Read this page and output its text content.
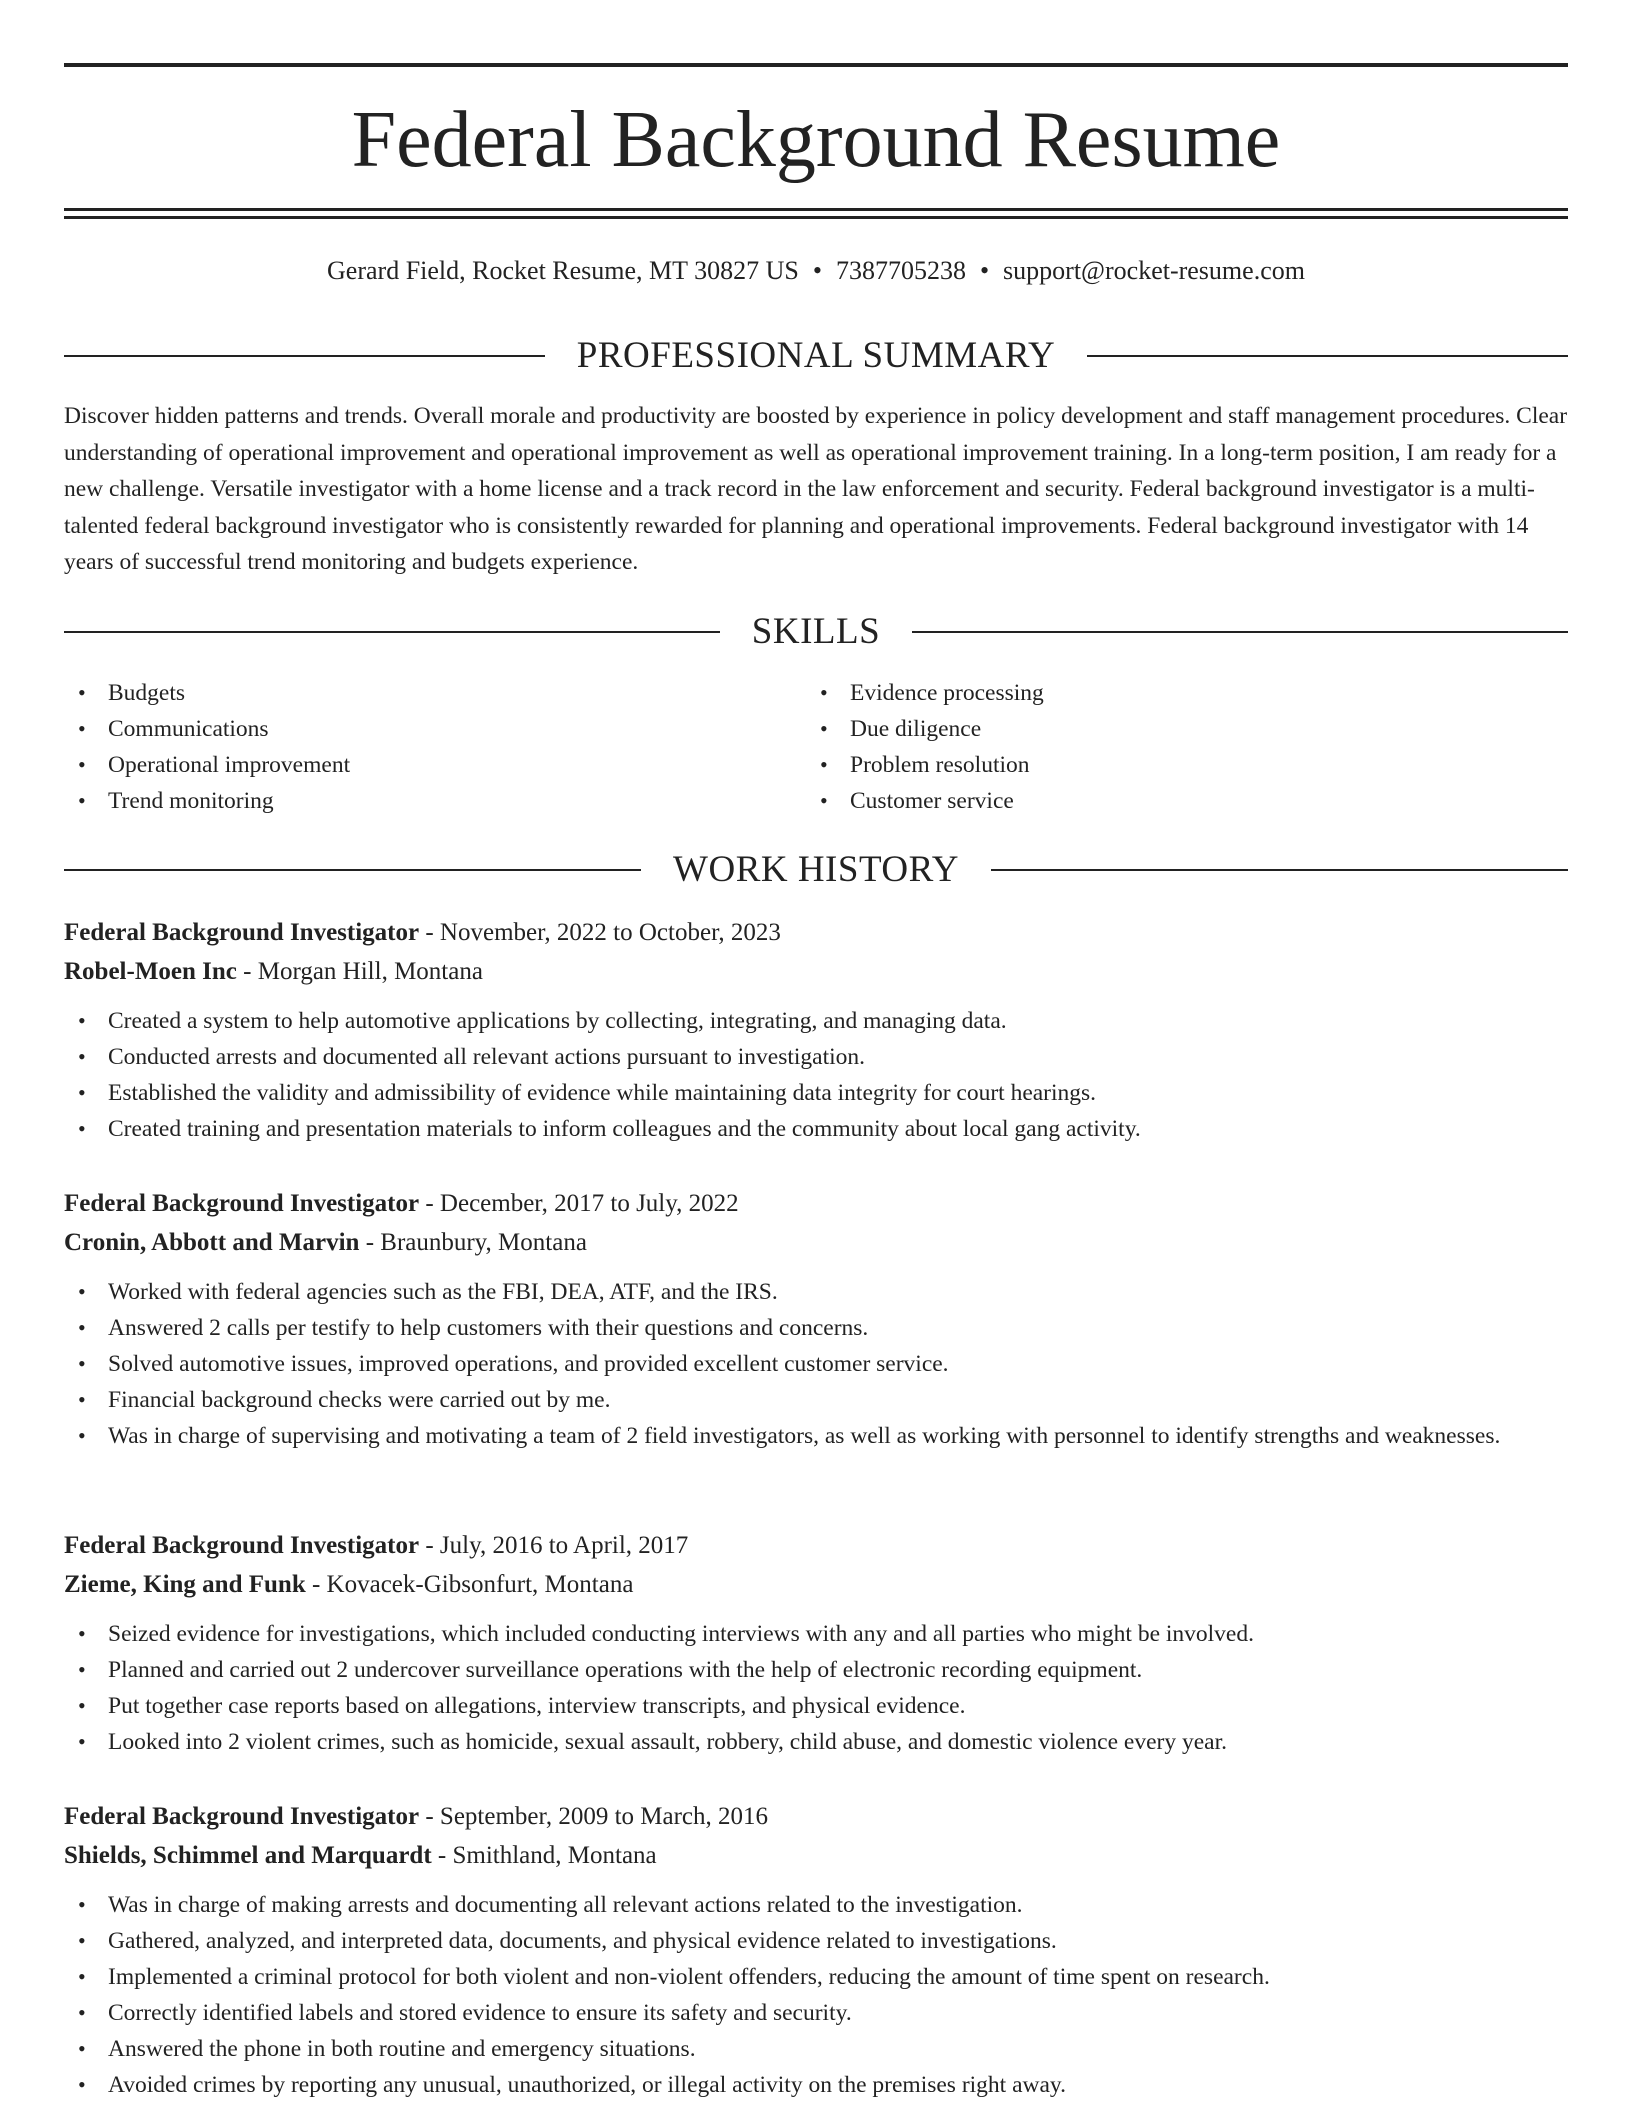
Federal Background Resume
Gerard Field, Rocket Resume, MT 30827 US • 7387705238 • support@rocket-resume.com
PROFESSIONAL SUMMARY

Discover hidden patterns and trends. Overall morale and productivity are boosted by experience in policy development and staff management procedures. Clear understanding of operational improvement and operational improvement as well as operational improvement training. In a long-term position, I am ready for a new challenge. Versatile investigator with a home license and a track record in the law enforcement and security. Federal background investigator is a multi-talented federal background investigator who is consistently rewarded for planning and operational improvements. Federal background investigator with 14 years of successful trend monitoring and budgets experience.

SKILLS
• Budgets
• Communications
• Operational improvement
• Trend monitoring
• Evidence processing
• Due diligence
• Problem resolution
• Customer service
WORK HISTORY
Federal Background Investigator - November, 2022 to October, 2023
Robel-Moen Inc - Morgan Hill, Montana
• Created a system to help automotive applications by collecting, integrating, and managing data.
• Conducted arrests and documented all relevant actions pursuant to investigation.
• Established the validity and admissibility of evidence while maintaining data integrity for court hearings.
• Created training and presentation materials to inform colleagues and the community about local gang activity.
Federal Background Investigator - December, 2017 to July, 2022
Cronin, Abbott and Marvin - Braunbury, Montana
• Worked with federal agencies such as the FBI, DEA, ATF, and the IRS.
• Answered 2 calls per testify to help customers with their questions and concerns.
• Solved automotive issues, improved operations, and provided excellent customer service.
• Financial background checks were carried out by me.
• Was in charge of supervising and motivating a team of 2 field investigators, as well as working with personnel to identify strengths and weaknesses.
Federal Background Investigator - July, 2016 to April, 2017
Zieme, King and Funk - Kovacek-Gibsonfurt, Montana
• Seized evidence for investigations, which included conducting interviews with any and all parties who might be involved.
• Planned and carried out 2 undercover surveillance operations with the help of electronic recording equipment.
• Put together case reports based on allegations, interview transcripts, and physical evidence.
• Looked into 2 violent crimes, such as homicide, sexual assault, robbery, child abuse, and domestic violence every year.
Federal Background Investigator - September, 2009 to March, 2016
Shields, Schimmel and Marquardt - Smithland, Montana
• Was in charge of making arrests and documenting all relevant actions related to the investigation.
• Gathered, analyzed, and interpreted data, documents, and physical evidence related to investigations.
• Implemented a criminal protocol for both violent and non-violent offenders, reducing the amount of time spent on research.
• Correctly identified labels and stored evidence to ensure its safety and security.
• Answered the phone in both routine and emergency situations.
• Avoided crimes by reporting any unusual, unauthorized, or illegal activity on the premises right away.
